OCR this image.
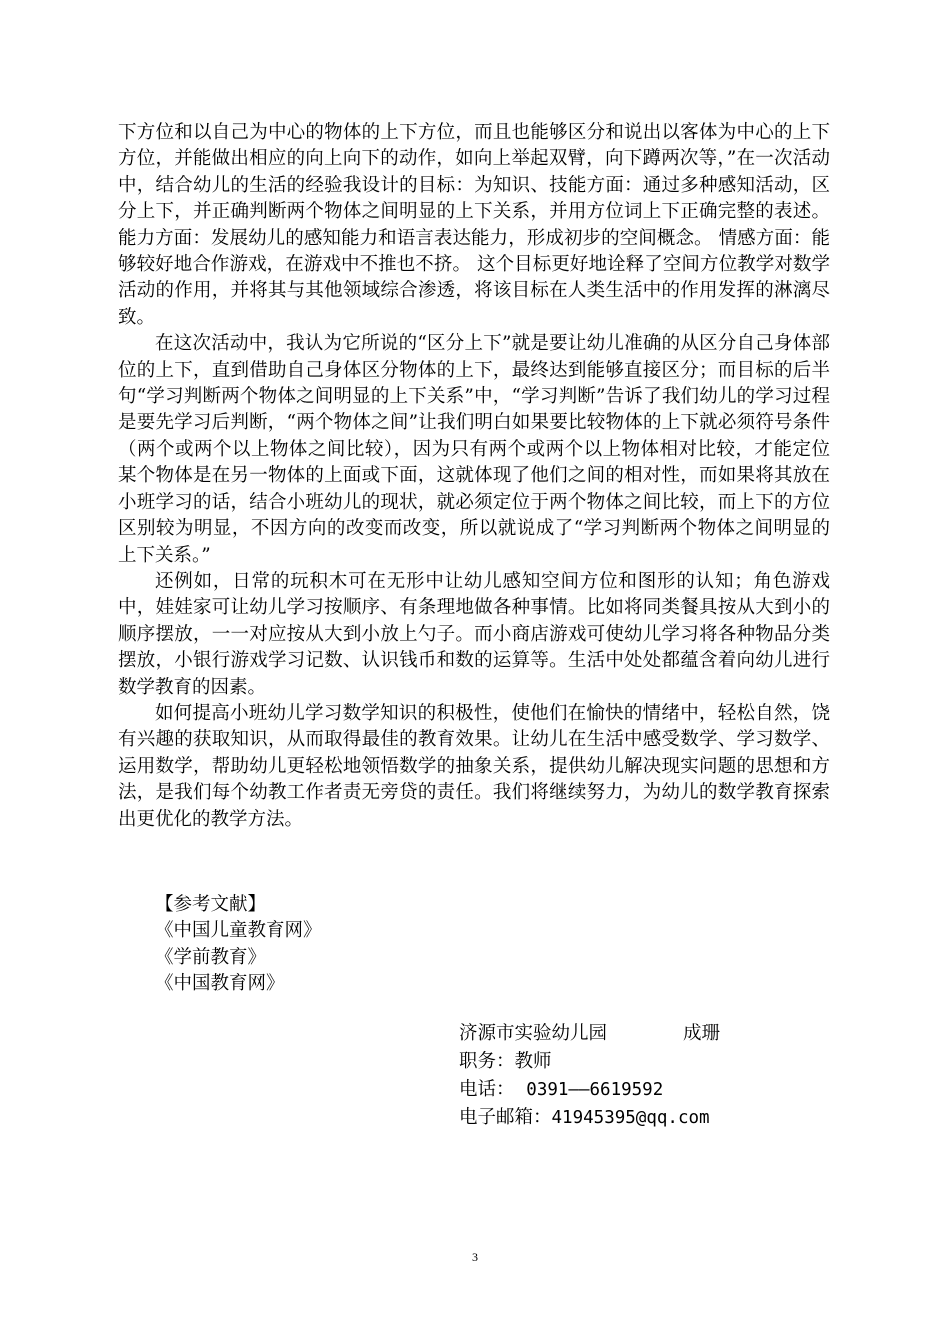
下方位和以自己为中心的物体的上下方位，而且也能够区分和说出以客体为中心的上下方位，并能做出相应的向上向下的动作，如向上举起双臂，向下蹲两次等，”在一次活动中，结合幼儿的生活的经验我设计的目标：为知识、技能方面：通过多种感知活动，区分上下，并正确判断两个物体之间明显的上下关系，并用方位词上下正确完整的表述。 能力方面：发展幼儿的感知能力和语言表达能力，形成初步的空间概念。 情感方面：能够较好地合作游戏，在游戏中不推也不挤。 这个目标更好地诠释了空间方位教学对数学活动的作用，并将其与其他领域综合渗透，将该目标在人类生活中的作用发挥的淋漓尽致。

在这次活动中，我认为它所说的“区分上下”就是要让幼儿准确的从区分自己身体部位的上下，直到借助自己身体区分物体的上下，最终达到能够直接区分；而目标的后半句“学习判断两个物体之间明显的上下关系”中，“学习判断”告诉了我们幼儿的学习过程是要先学习后判断，“两个物体之间”让我们明白如果要比较物体的上下就必须符号条件（两个或两个以上物体之间比较），因为只有两个或两个以上物体相对比较，才能定位某个物体是在另一物体的上面或下面，这就体现了他们之间的相对性，而如果将其放在小班学习的话，结合小班幼儿的现状，就必须定位于两个物体之间比较，而上下的方位区别较为明显，不因方向的改变而改变，所以就说成了“学习判断两个物体之间明显的上下关系。”

还例如，日常的玩积木可在无形中让幼儿感知空间方位和图形的认知；角色游戏中，娃娃家可让幼儿学习按顺序、有条理地做各种事情。比如将同类餐具按从大到小的顺序摆放，一一对应按从大到小放上勺子。而小商店游戏可使幼儿学习将各种物品分类摆放，小银行游戏学习记数、认识钱币和数的运算等。生活中处处都蕴含着向幼儿进行数学教育的因素。

如何提高小班幼儿学习数学知识的积极性，使他们在愉快的情绪中，轻松自然，饶有兴趣的获取知识，从而取得最佳的教育效果。让幼儿在生活中感受数学、学习数学、运用数学，帮助幼儿更轻松地领悟数学的抽象关系，提供幼儿解决现实问题的思想和方法，是我们每个幼教工作者责无旁贷的责任。我们将继续努力，为幼儿的数学教育探索出更优化的教学方法。

【参考文献】
《中国儿童教育网》
《学前教育》
《中国教育网》
济源市实验幼儿园	成珊
职务：教师
电话： 0391——6619592
电子邮箱：41945395@qq.com
3
